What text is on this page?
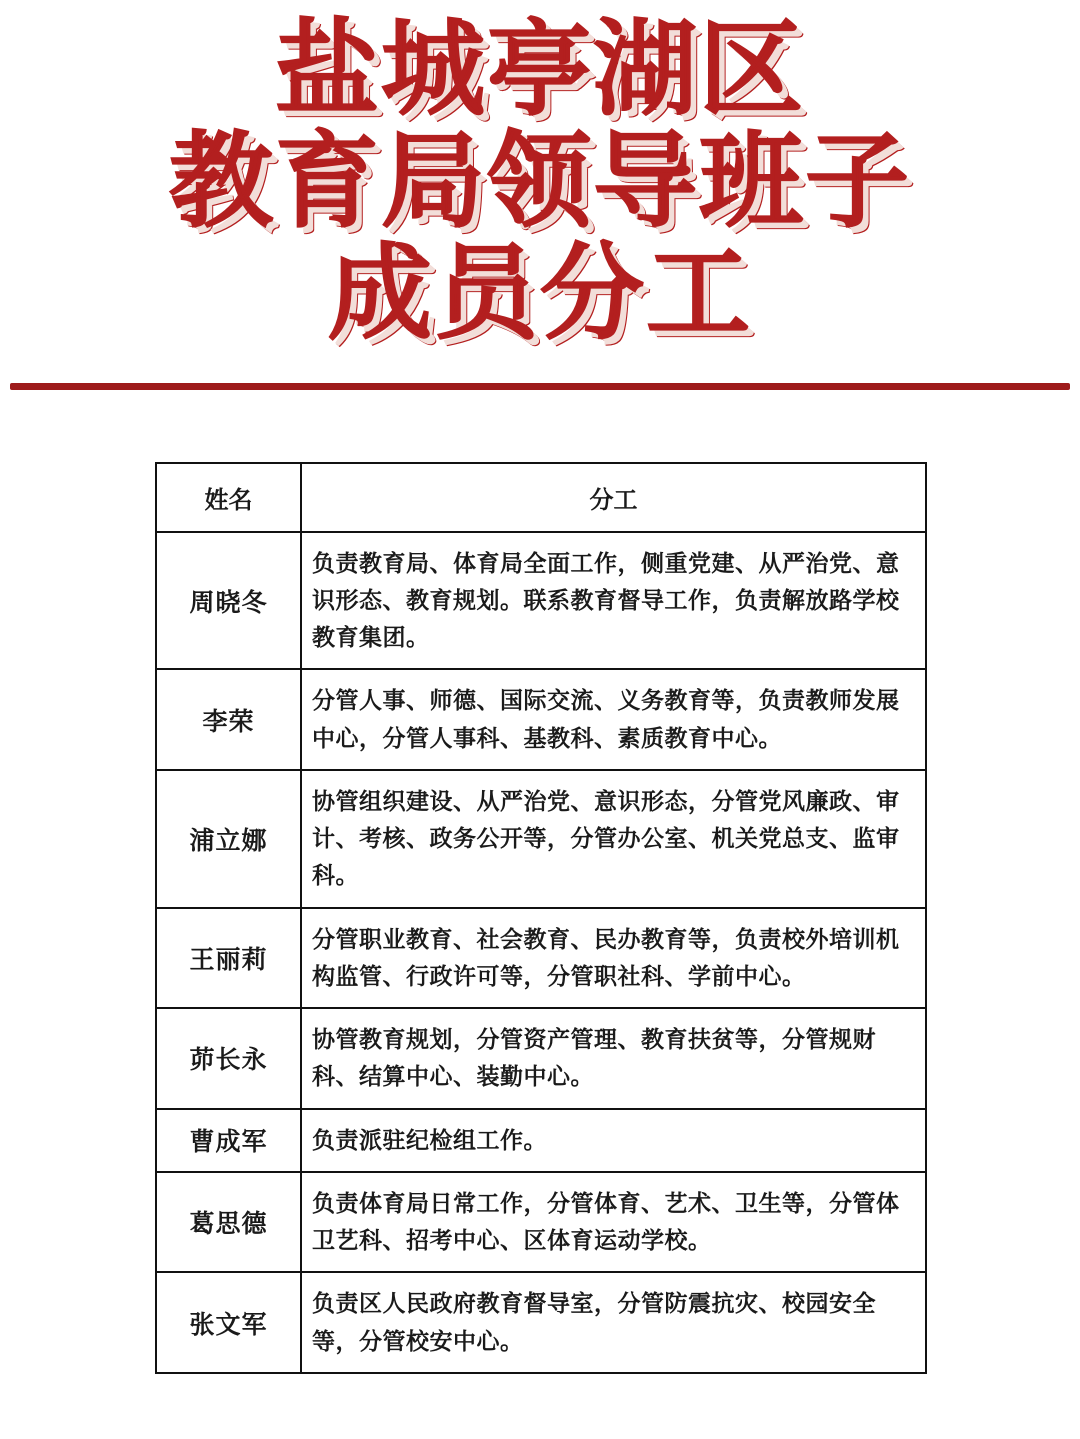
盐城亭湖区
教育局领导班子
成员分工
姓名	分工
周晓冬	负责教育局、体育局全面工作，侧重党建、从严治党、意识形态、教育规划。联系教育督导工作，负责解放路学校教育集团。
李荣	分管人事、师德、国际交流、义务教育等，负责教师发展中心，分管人事科、基教科、素质教育中心。
浦立娜	协管组织建设、从严治党、意识形态，分管党风廉政、审计、考核、政务公开等，分管办公室、机关党总支、监审科。
王丽莉	分管职业教育、社会教育、民办教育等，负责校外培训机构监管、行政许可等，分管职社科、学前中心。
茆长永	协管教育规划，分管资产管理、教育扶贫等，分管规财科、结算中心、装勤中心。
曹成军	负责派驻纪检组工作。
葛思德	负责体育局日常工作，分管体育、艺术、卫生等，分管体卫艺科、招考中心、区体育运动学校。
张文军	负责区人民政府教育督导室，分管防震抗灾、校园安全等，分管校安中心。
